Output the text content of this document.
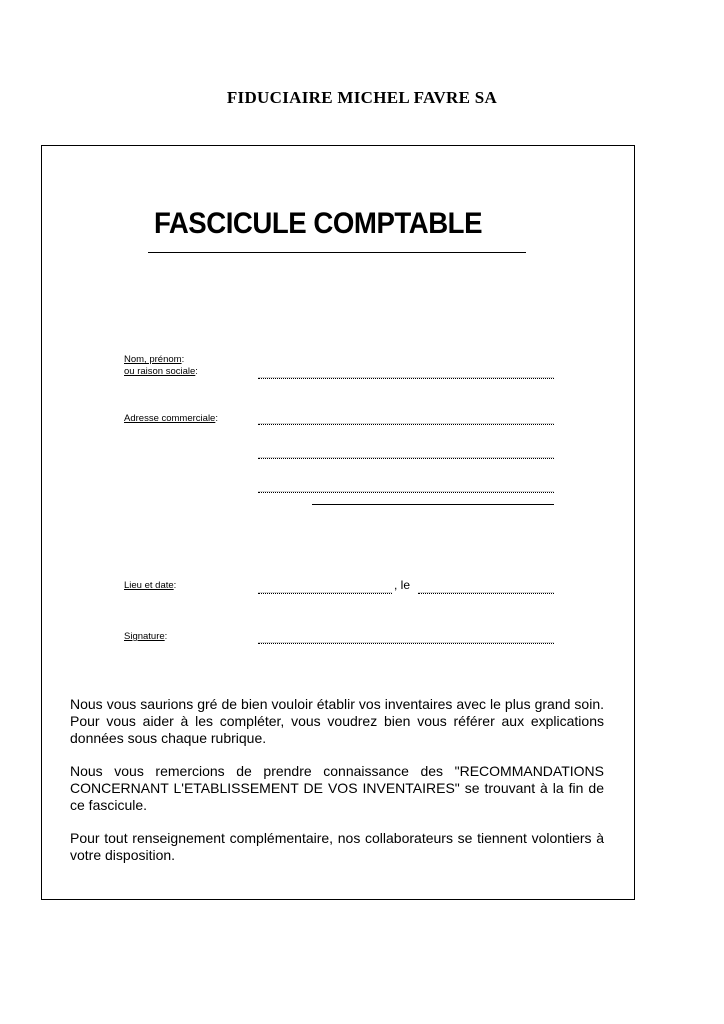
FIDUCIAIRE MICHEL FAVRE SA
FASCICULE COMPTABLE
Nom, prénom:
ou raison sociale:
Adresse commerciale:
Lieu et date:	, le
Signature:

Nous vous saurions gré de bien vouloir établir vos inventaires avec le plus grand soin. Pour vous aider à les compléter, vous voudrez bien vous référer aux explications données sous chaque rubrique.

Nous vous remercions de prendre connaissance des "RECOMMANDATIONS CONCERNANT L'ETABLISSEMENT DE VOS INVENTAIRES" se trouvant à la fin de ce fascicule.

Pour tout renseignement complémentaire, nos collaborateurs se tiennent volontiers à votre disposition.
